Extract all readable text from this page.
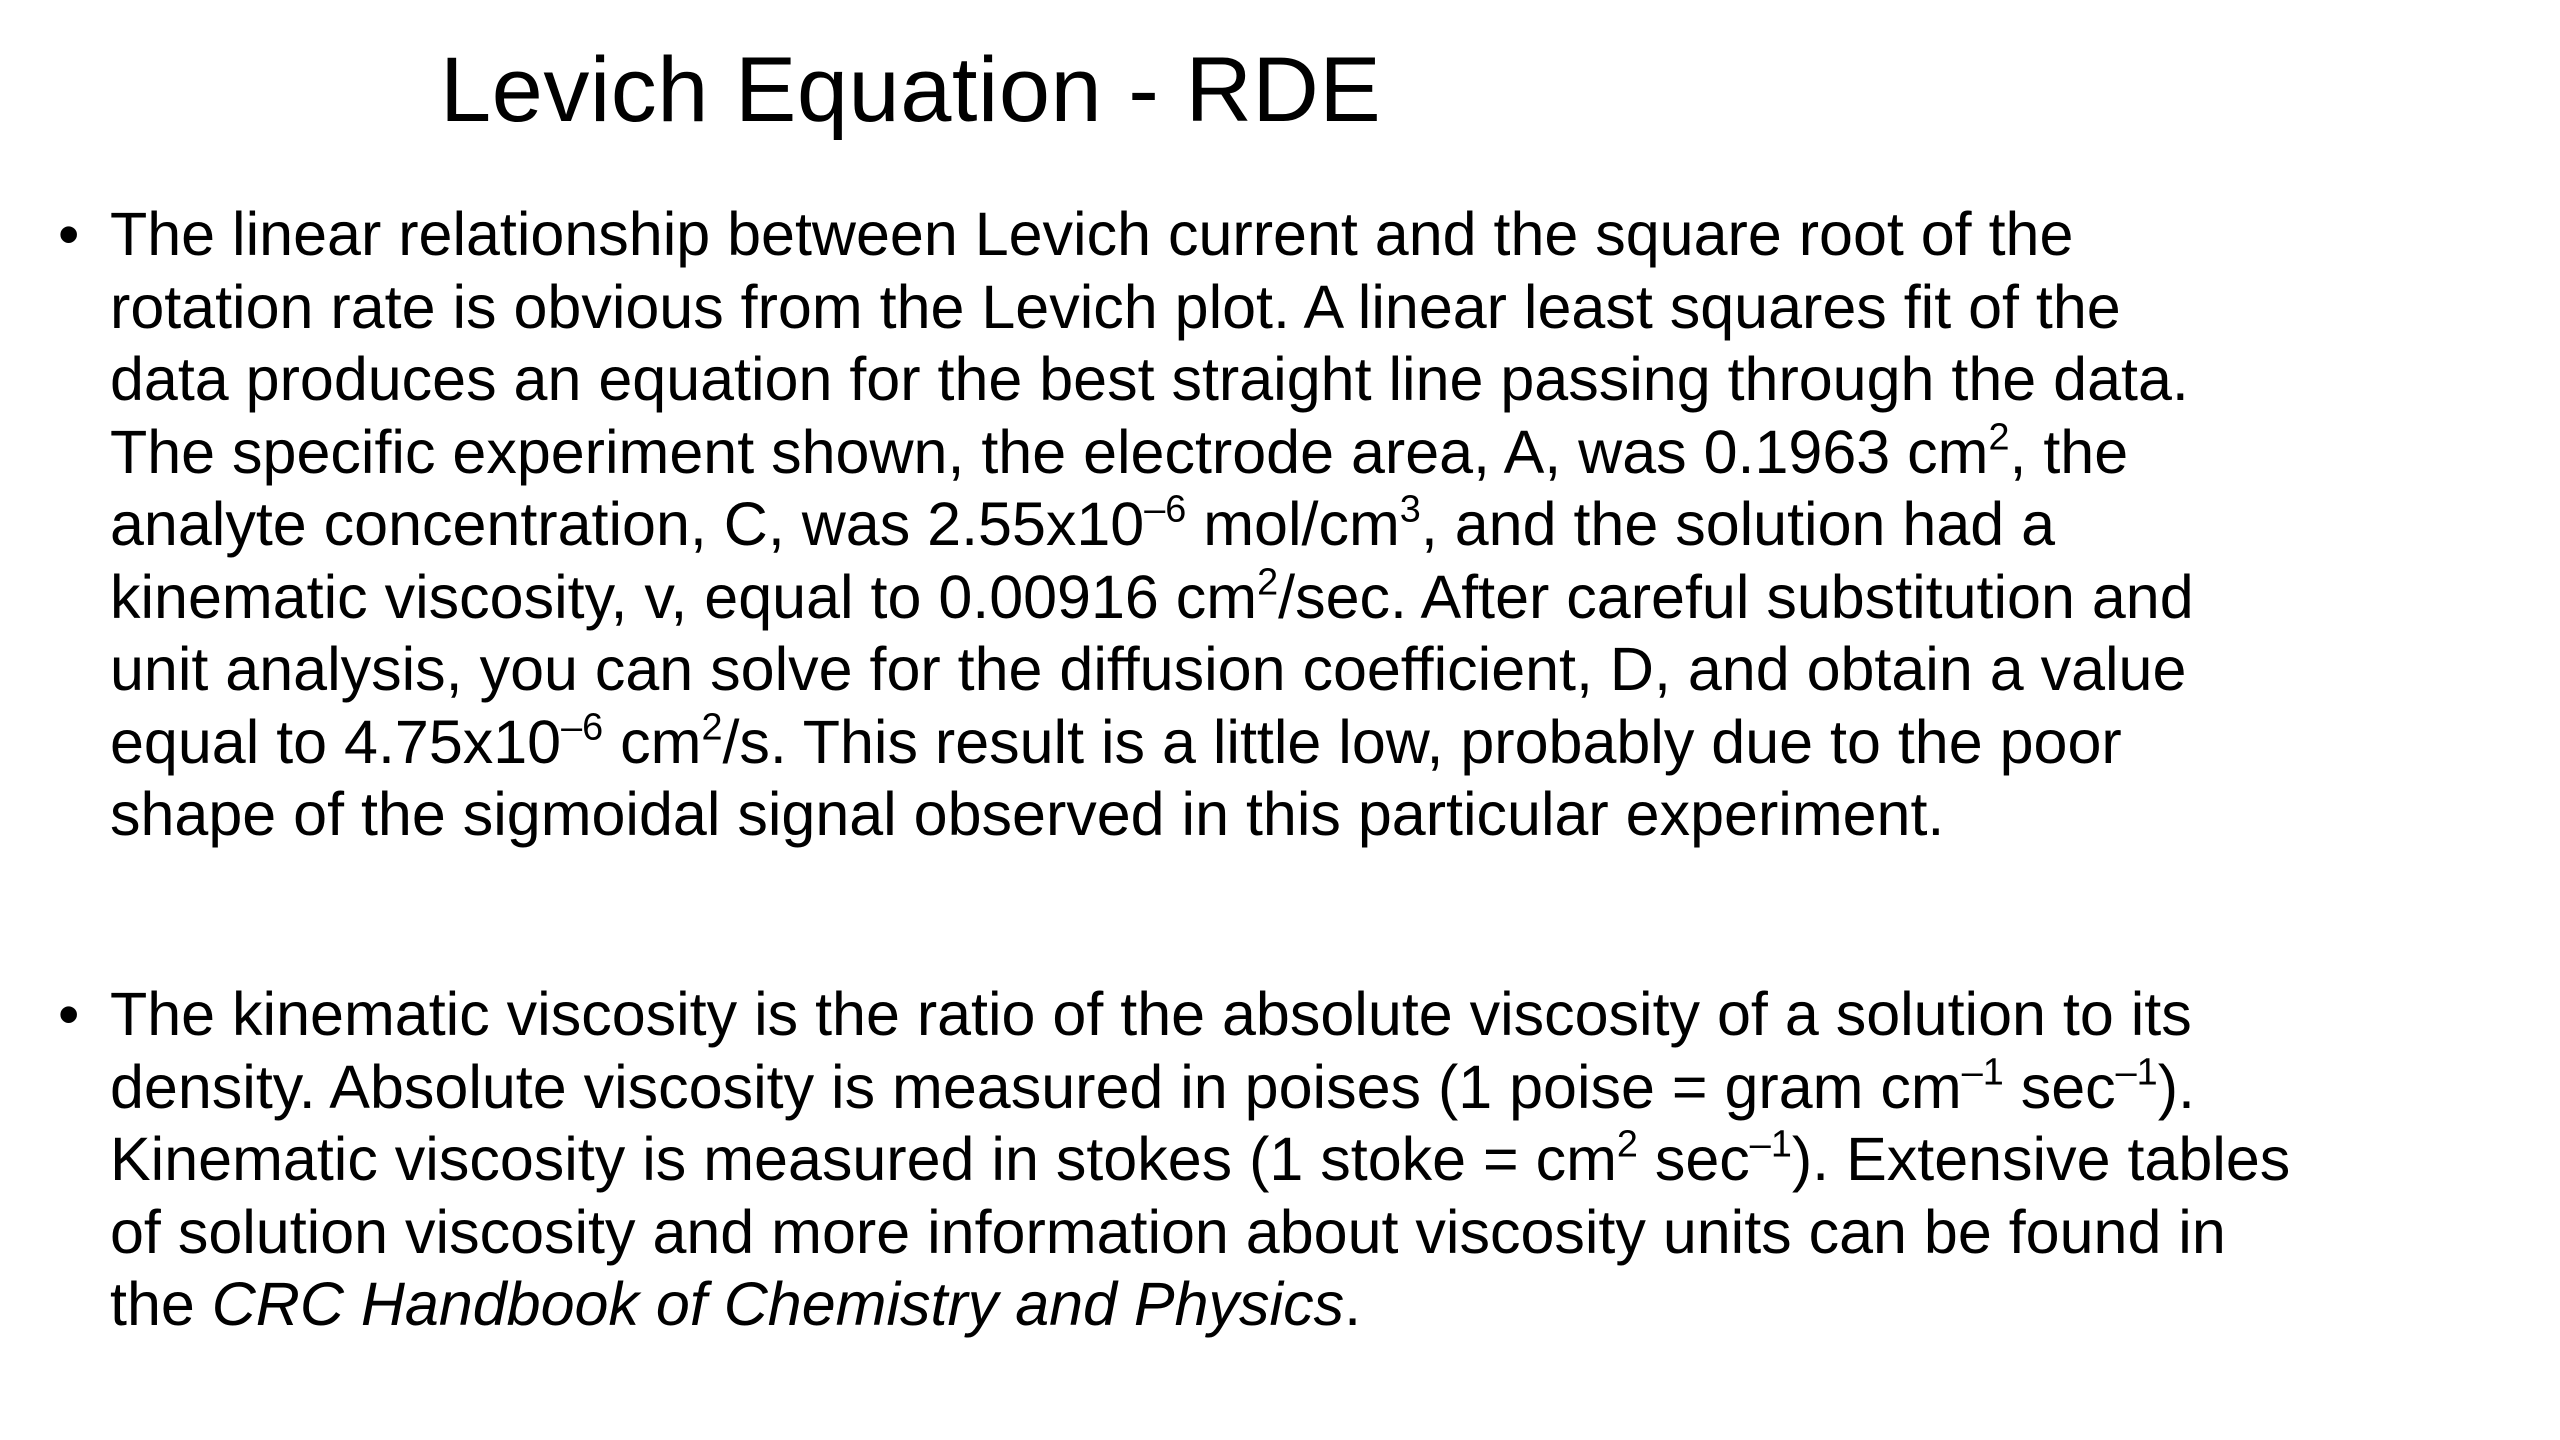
Levich Equation - RDE
• The linear relationship between Levich current and the square root of the
rotation rate is obvious from the Levich plot. A linear least squares fit of the
data produces an equation for the best straight line passing through the data.
The specific experiment shown, the electrode area, A, was 0.1963 $cm^2$, the
analyte concentration, C, was $2.55x10^{-6}$ mol/$cm^3$, and the solution had a
kinematic viscosity, v, equal to 0.00916 $cm^2/\sec$. After careful substitution and
unit analysis, you can solve for the diffusion coefficient, D, and obtain a value
equal to $4.75x10^{-6}$ $cm^2/s$. This result is a little low, probably due to the poor
shape of the sigmoidal signal observed in this particular experiment.
• The kinematic viscosity is the ratio of the absolute viscosity of a solution to its
density. Absolute viscosity is measured in poises (1 poise = gram $cm^{-1}$ $\sec^{-1}$).
Kinematic viscosity is measured in stokes (1 stoke = $cm^2$ $\sec^{-1}$). Extensive tables
of solution viscosity and more information about viscosity units can be found in
the CRC Handbook of Chemistry and Physics.
